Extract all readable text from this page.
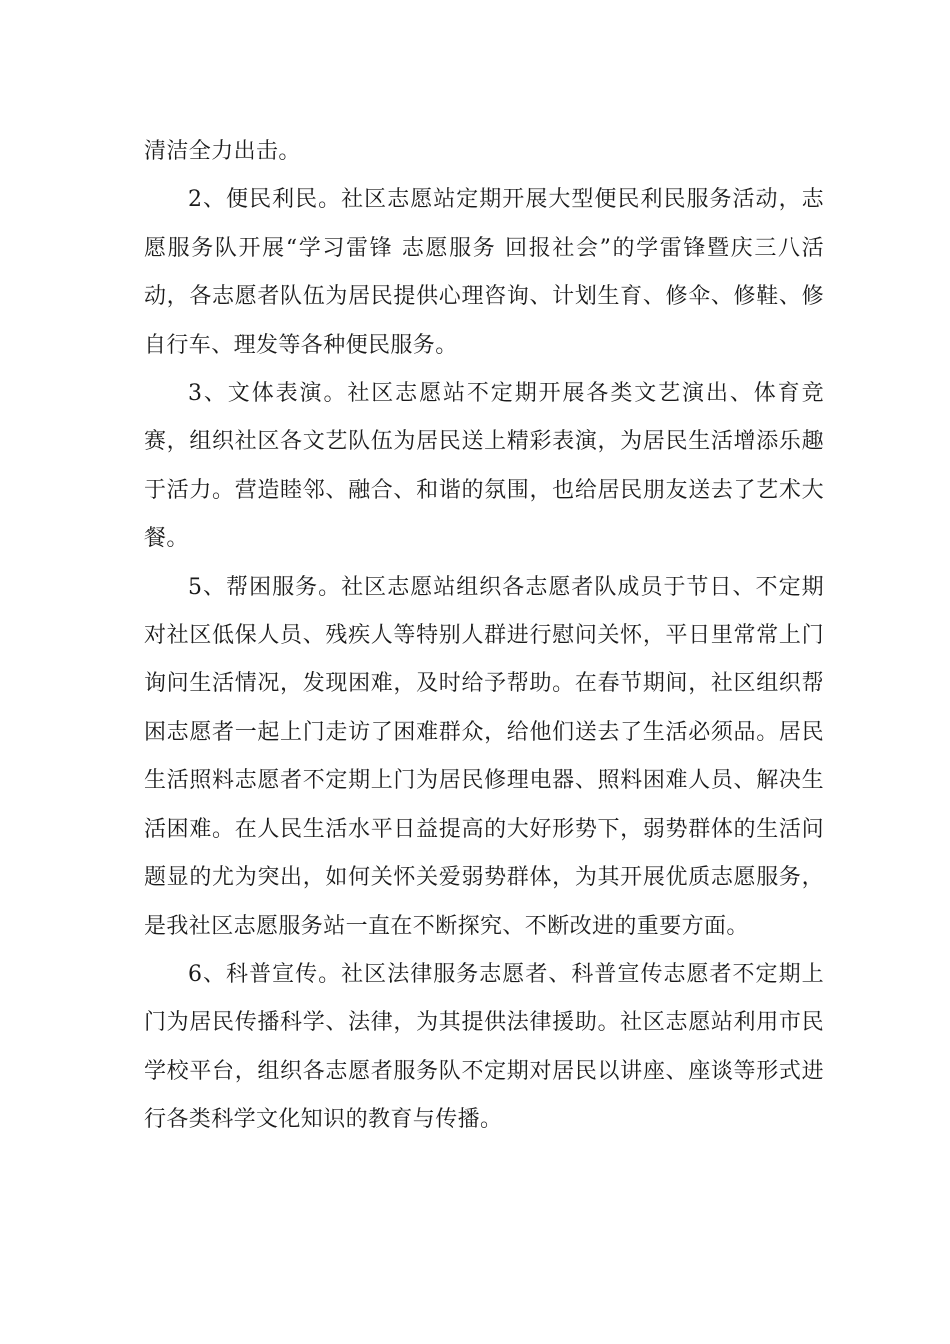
清洁全力出击。

2、便民利民。社区志愿站定期开展大型便民利民服务活动，志愿服务队开展“学习雷锋 志愿服务 回报社会”的学雷锋暨庆三八活动，各志愿者队伍为居民提供心理咨询、计划生育、修伞、修鞋、修自行车、理发等各种便民服务。

3、文体表演。社区志愿站不定期开展各类文艺演出、体育竞赛，组织社区各文艺队伍为居民送上精彩表演，为居民生活增添乐趣于活力。营造睦邻、融合、和谐的氛围，也给居民朋友送去了艺术大餐。

5、帮困服务。社区志愿站组织各志愿者队成员于节日、不定期对社区低保人员、残疾人等特别人群进行慰问关怀，平日里常常上门询问生活情况，发现困难，及时给予帮助。在春节期间，社区组织帮困志愿者一起上门走访了困难群众，给他们送去了生活必须品。居民生活照料志愿者不定期上门为居民修理电器、照料困难人员、解决生活困难。在人民生活水平日益提高的大好形势下，弱势群体的生活问题显的尤为突出，如何关怀关爱弱势群体，为其开展优质志愿服务，是我社区志愿服务站一直在不断探究、不断改进的重要方面。

6、科普宣传。社区法律服务志愿者、科普宣传志愿者不定期上门为居民传播科学、法律，为其提供法律援助。社区志愿站利用市民学校平台，组织各志愿者服务队不定期对居民以讲座、座谈等形式进行各类科学文化知识的教育与传播。
